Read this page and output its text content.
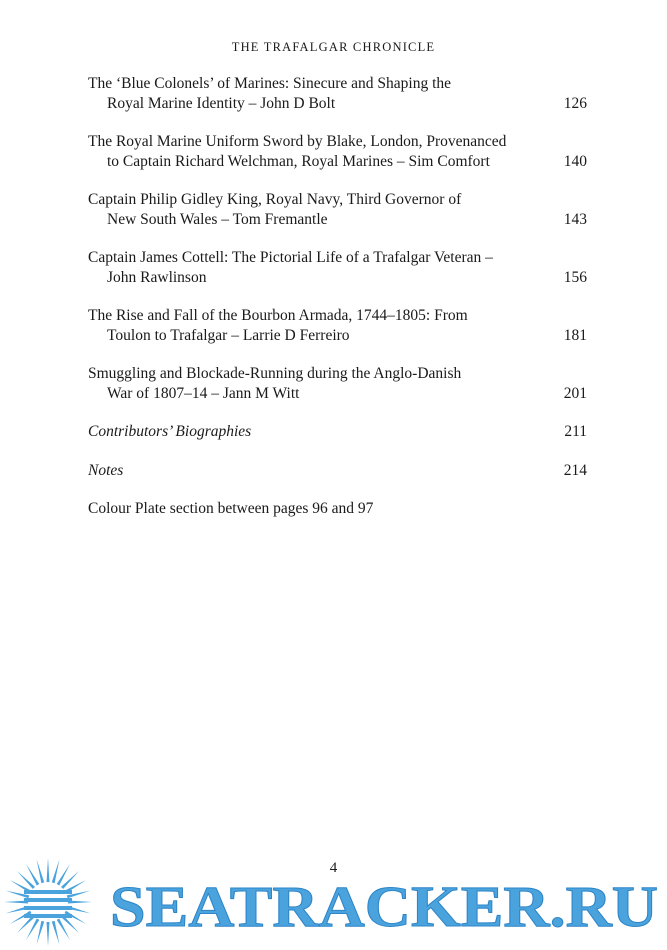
THE TRAFALGAR CHRONICLE
The ‘Blue Colonels’ of Marines: Sinecure and Shaping the
Royal Marine Identity – John D Bolt	126
The Royal Marine Uniform Sword by Blake, London, Provenanced
to Captain Richard Welchman, Royal Marines – Sim Comfort	140
Captain Philip Gidley King, Royal Navy, Third Governor of
New South Wales – Tom Fremantle	143
Captain James Cottell: The Pictorial Life of a Trafalgar Veteran –
John Rawlinson	156
The Rise and Fall of the Bourbon Armada, 1744–1805: From
Toulon to Trafalgar – Larrie D Ferreiro	181
Smuggling and Blockade-Running during the Anglo-Danish
War of 1807–14 – Jann M Witt	201
Contributors’ Biographies	211
Notes	214
Colour Plate section between pages 96 and 97
4
SEATRACKER.RU
